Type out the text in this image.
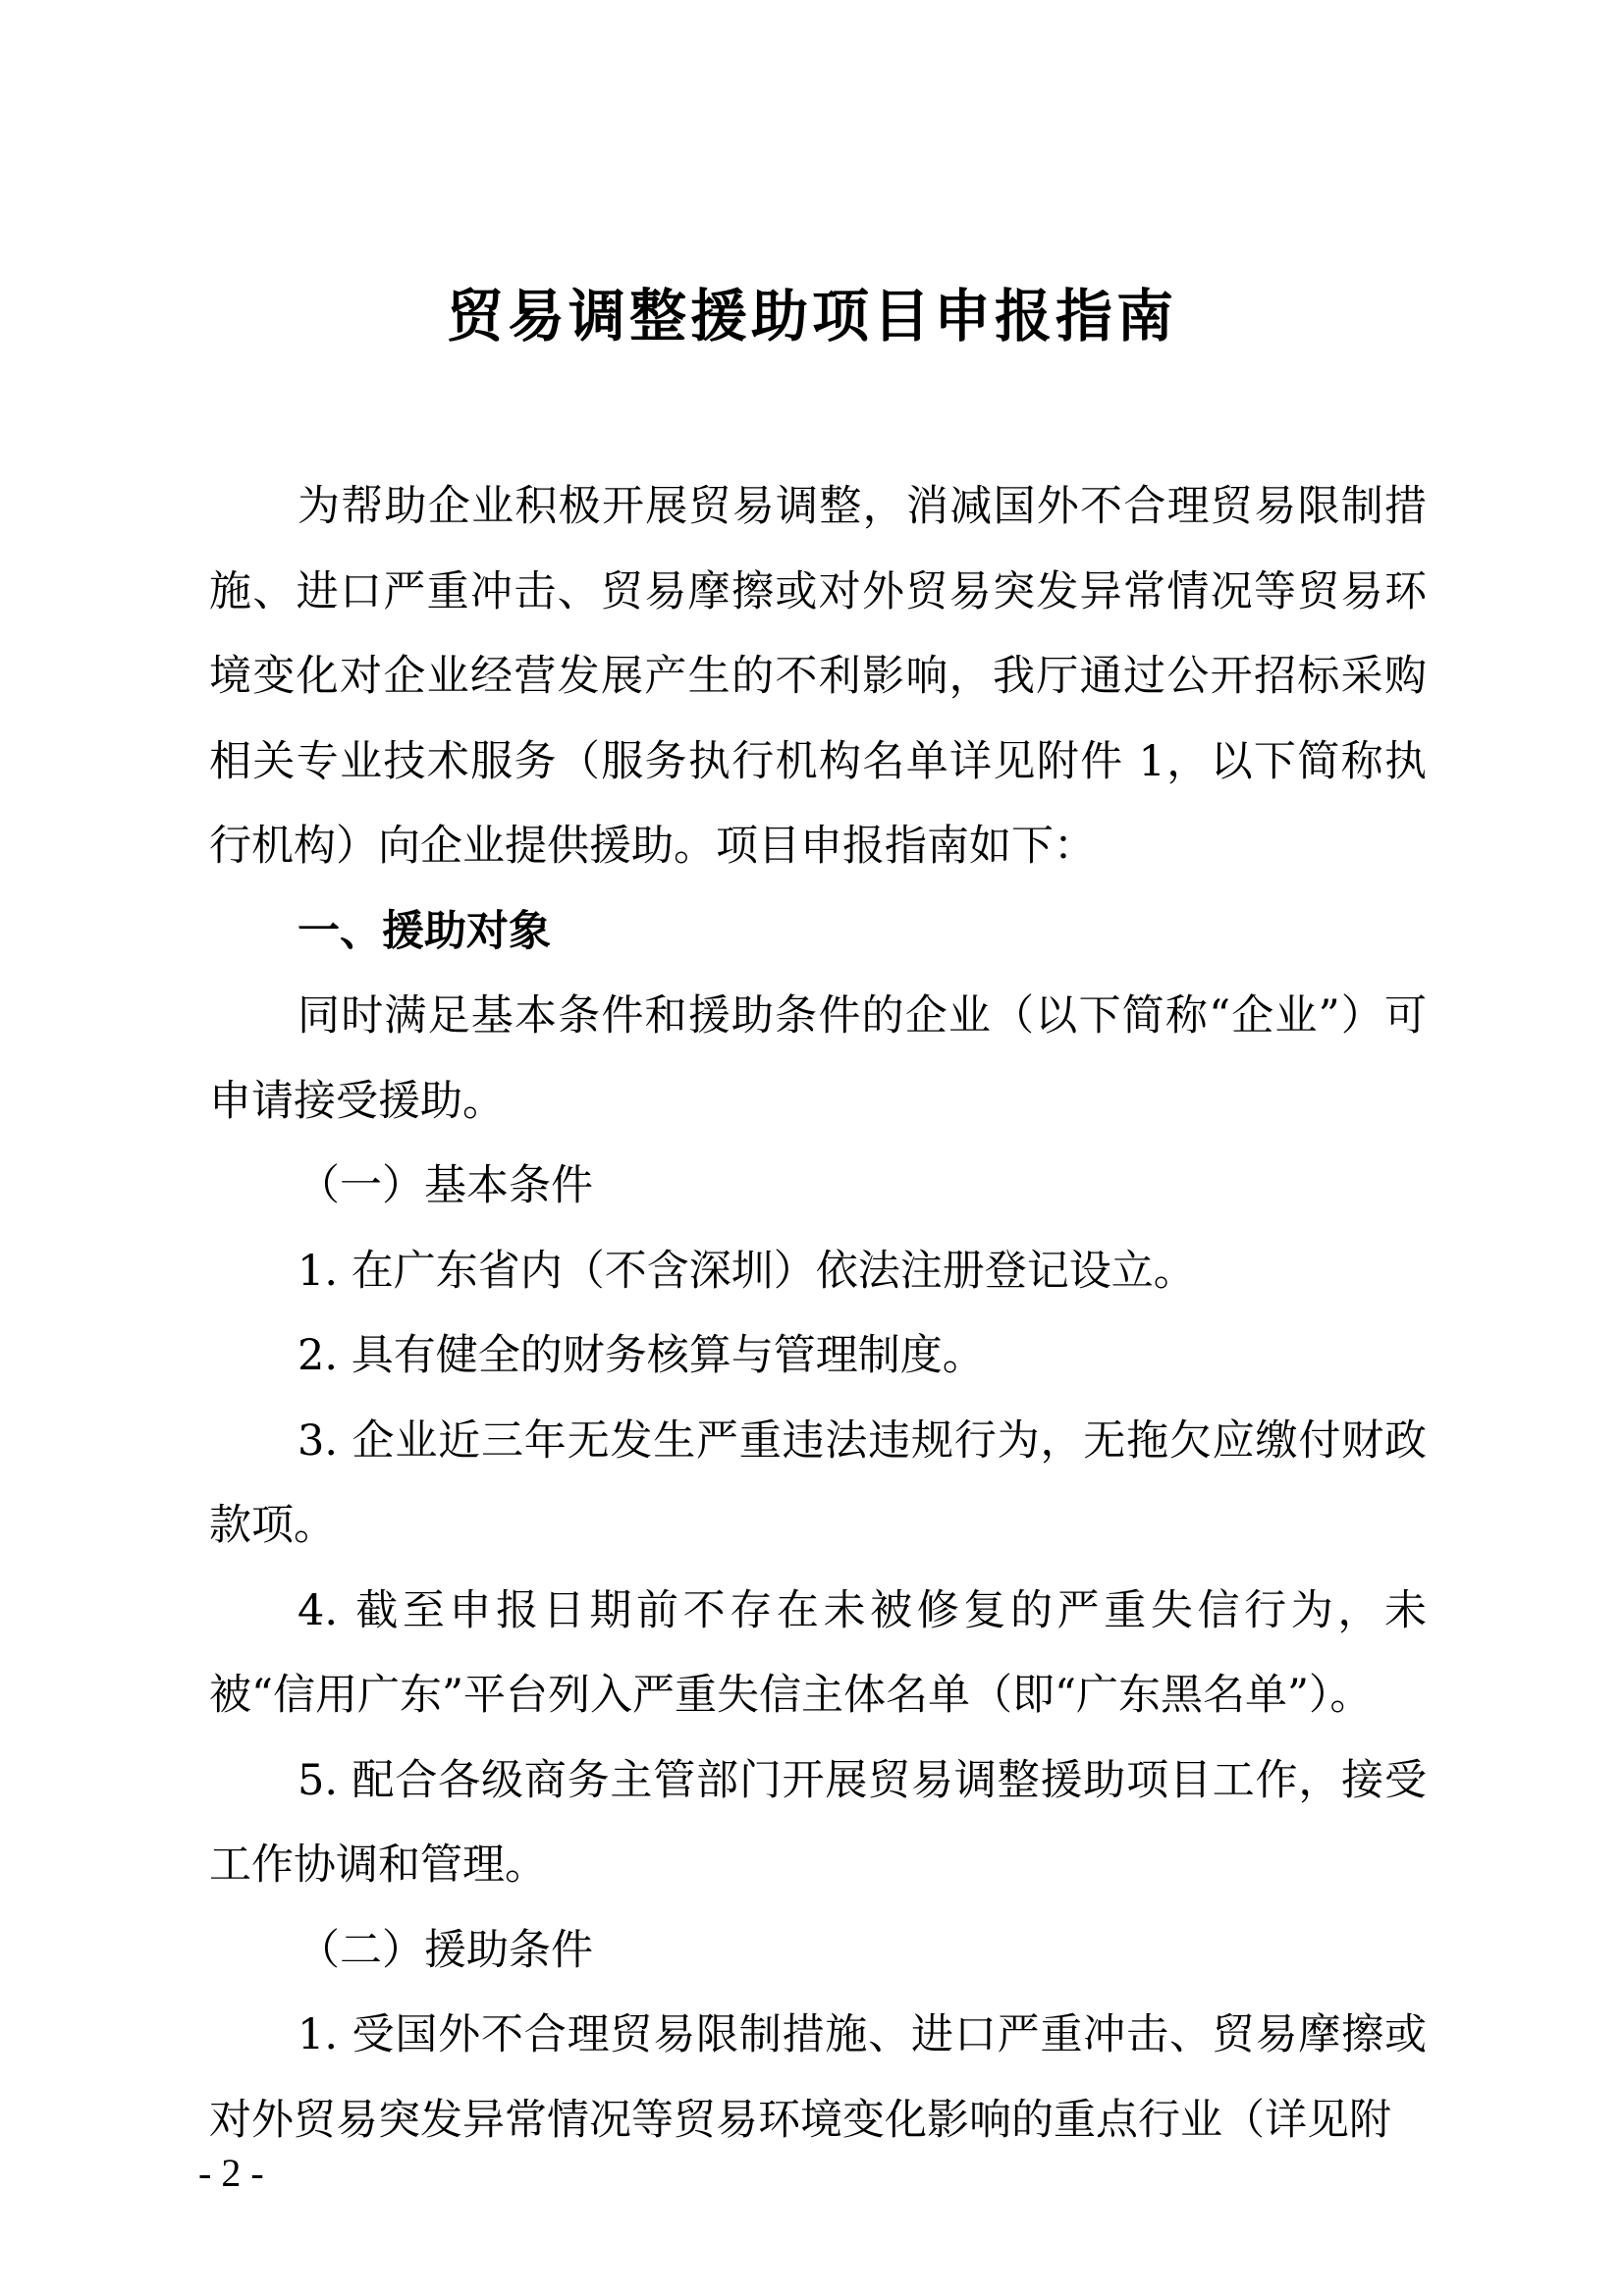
贸易调整援助项目申报指南

为帮助企业积极开展贸易调整，消减国外不合理贸易限制措施、进口严重冲击、贸易摩擦或对外贸易突发异常情况等贸易环境变化对企业经营发展产生的不利影响，我厅通过公开招标采购相关专业技术服务（服务执行机构名单详见附件 1，以下简称执行机构）向企业提供援助。项目申报指南如下：

一、援助对象

同时满足基本条件和援助条件的企业（以下简称“企业”）可申请接受援助。

（一）基本条件

1. 在广东省内（不含深圳）依法注册登记设立。

2. 具有健全的财务核算与管理制度。

3. 企业近三年无发生严重违法违规行为，无拖欠应缴付财政款项。

4. 截至申报日期前不存在未被修复的严重失信行为，未被“信用广东”平台列入严重失信主体名单（即“广东黑名单”）。

5. 配合各级商务主管部门开展贸易调整援助项目工作，接受工作协调和管理。

（二）援助条件

1. 受国外不合理贸易限制措施、进口严重冲击、贸易摩擦或对外贸易突发异常情况等贸易环境变化影响的重点行业（详见附

- 2 -
